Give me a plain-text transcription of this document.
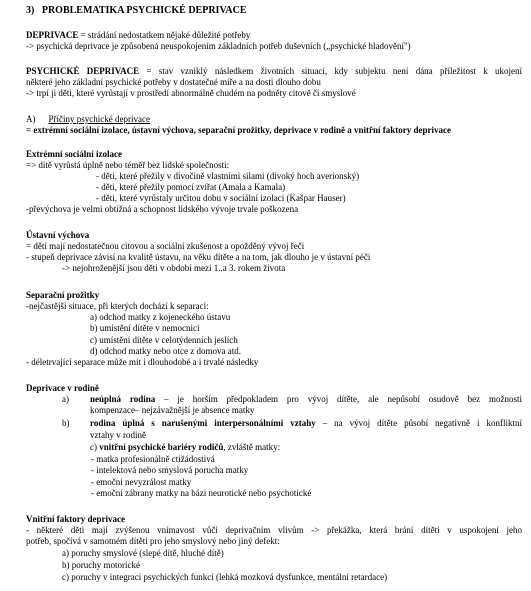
3)   PROBLEMATIKA PSYCHICKÉ DEPRIVACE
DEPRIVACE = strádání nedostatkem nějaké důležité potřeby
-> psychická deprivace je způsobená neuspokojením základních potřeb duševních („psychické hladovění")
PSYCHICKÉ DEPRIVACE = stav vzniklý následkem životních situací, kdy subjektu není dána příležitost k ukojení
některé jeho základní psychické potřeby v dostatečné míře a na dosti dlouho dobu
-> trpí ji děti, které vyrůstají v prostředí abnormálně chudém na podněty citově či smyslové
A) Příčiny psychické deprivace
= extrémní sociální izolace, ústavní výchova, separační prožitky, deprivace v rodině a vnitřní faktory deprivace
Extrémní sociální izolace
=> dítě vyrůstá úplně nebo téměř bez lidské společnosti:
- děti, které přežily v divočině vlastními silami (divoký hoch averionský)
- děti, které přežily pomocí zvířat (Amala a Kamala)
- děti, které vyrůstaly určitou dobu v sociální izolaci (Kašpar Hauser)
-převýchova je velmi obtížná a schopnost lidského vývoje trvale poškozena
Ústavní výchova
= děti mají nedostatečnou citovou a sociální zkušenost a opožděný vývoj řeči
- stupeň deprivace závisí na kvalitě ústavu, na věku dítěte a na tom, jak dlouho je v ústavní péči
-> nejohroženější jsou děti v období mezi 1..a 3. rokem života
Separační prožitky
-nejčastější situace, při kterých dochází k separaci:
a) odchod matky z kojeneckého ústavu
b) umístění dítěte v nemocnici
c) umístění dítěte v celotýdenních jeslích
d) odchod matky nebo otce z domova atd.
- déletrvající separace může mít i dlouhodobé a i trvalé následky
Deprivace v rodině
a) neúplná rodina – je horším předpokladem pro vývoj dítěte, ale nepůsobí osudově bez možnosti
kompenzace– nejzávažnější je absence matky
b) rodina úplná s narušenými interpersonálními vztahy – na vývoj dítěte působí negativně i konfliktní
vztahy v rodině
c) vnitřní psychické bariéry rodičů, zvláště matky:
- matka profesionálně ctižádostivá
- intelektová nebo smyslová porucha matky
- emoční nevyzrálost matky
- emoční zábrany matky na bázi neurotické nebo psychotické
Vnitřní faktory deprivace
- některé děti mají zvýšenou vnímavost vůči deprivačním vlivům -> překážka, která brání dítěti v uspokojení jeho
potřeb, spočívá v samotném dítěti pro jeho smyslový nebo jiný defekt:
a) poruchy smyslové (slepé dítě, hluché dítě)
b) poruchy motorické
c) poruchy v integraci psychických funkcí (lehká mozková dysfunkce, mentální retardace)
